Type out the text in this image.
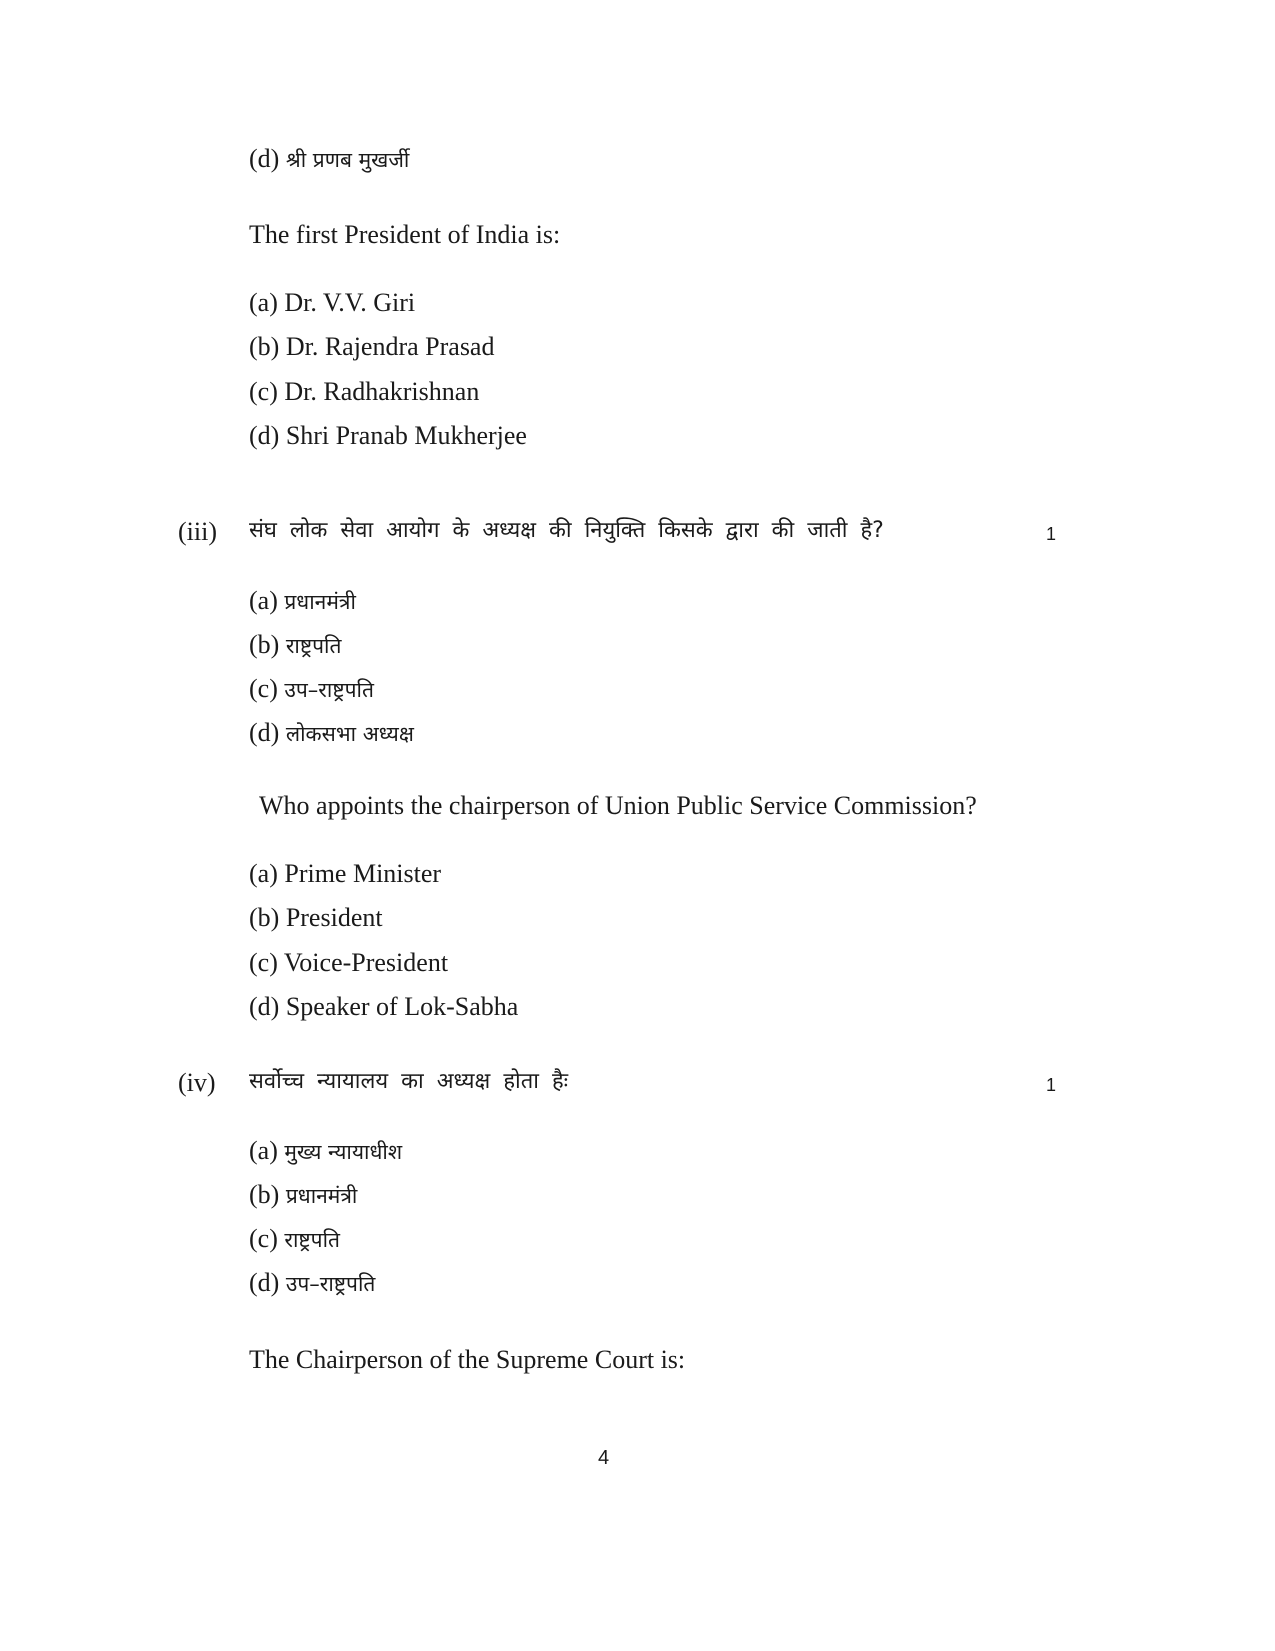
(d) श्री प्रणब मुखर्जी
The first President of India is:
(a) Dr. V.V. Giri
(b) Dr. Rajendra Prasad
(c) Dr. Radhakrishnan
(d) Shri Pranab Mukherjee
(iii) संघ लोक सेवा आयोग के अध्यक्ष की नियुक्ति किसके द्वारा की जाती है?	1
(a) प्रधानमंत्री
(b) राष्ट्रपति
(c) उप–राष्ट्रपति
(d) लोकसभा अध्यक्ष
Who appoints the chairperson of Union Public Service Commission?
(a) Prime Minister
(b) President
(c) Voice-President
(d) Speaker of Lok-Sabha
(iv) सर्वोच्च न्यायालय का अध्यक्ष होता हैः	1
(a) मुख्य न्यायाधीश
(b) प्रधानमंत्री
(c) राष्ट्रपति
(d) उप–राष्ट्रपति
The Chairperson of the Supreme Court is:
4
